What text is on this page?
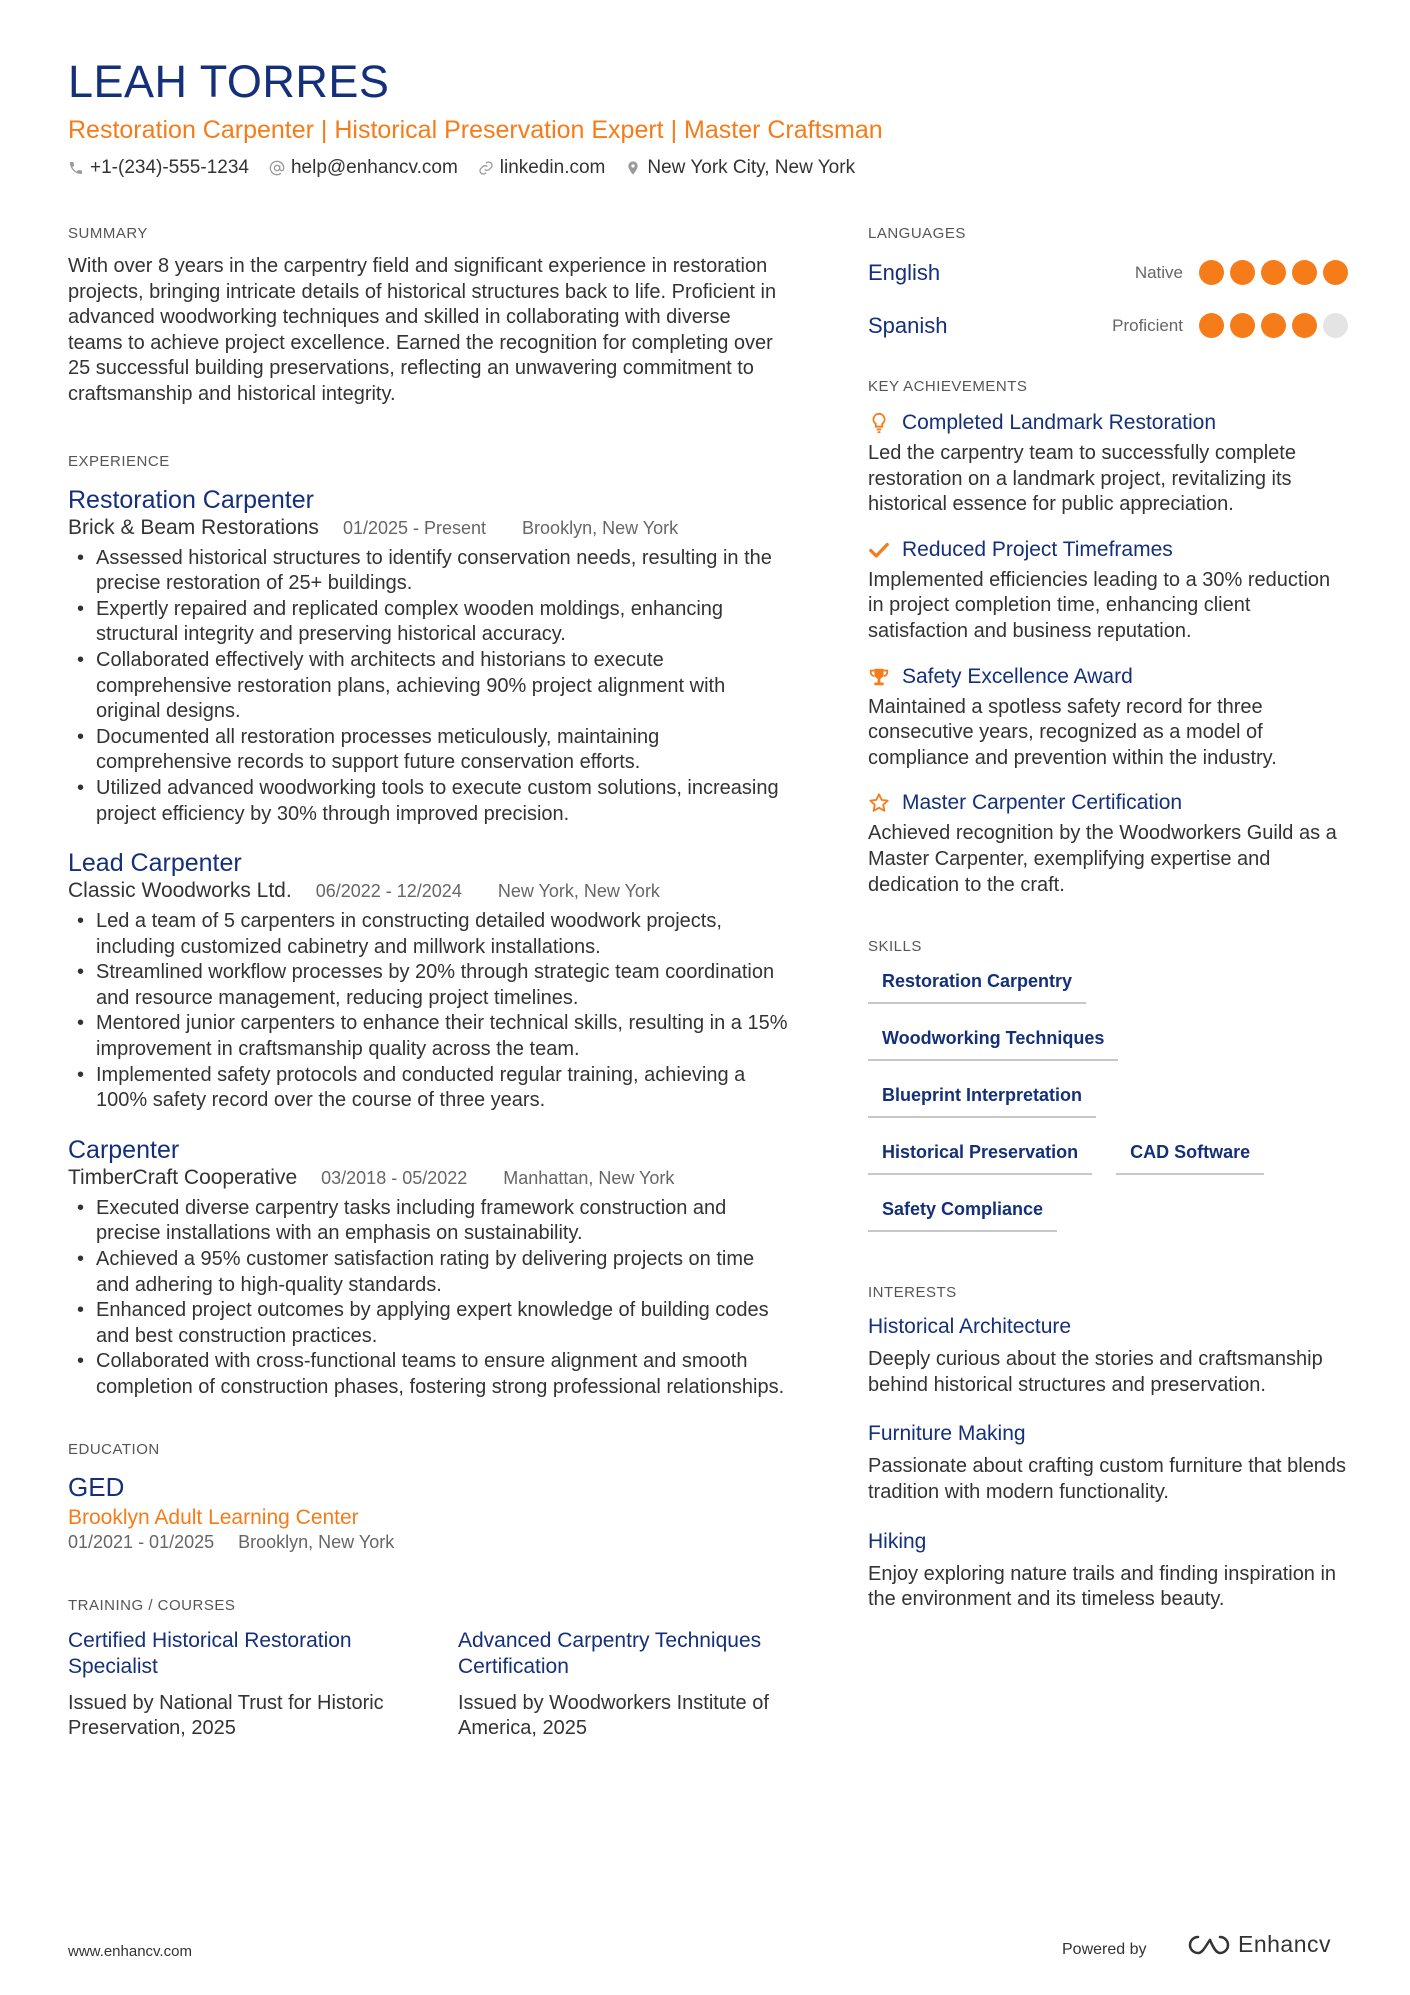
LEAH TORRES
Restoration Carpenter | Historical Preservation Expert | Master Craftsman
+1-(234)-555-1234 help@enhancv.com linkedin.com New York City, New York
SUMMARY

With over 8 years in the carpentry field and significant experience in restoration projects, bringing intricate details of historical structures back to life. Proficient in advanced woodworking techniques and skilled in collaborating with diverse teams to achieve project excellence. Earned the recognition for completing over 25 successful building preservations, reflecting an unwavering commitment to craftsmanship and historical integrity.

EXPERIENCE
Restoration Carpenter
Brick & Beam Restorations 01/2025 - Present Brooklyn, New York
• Assessed historical structures to identify conservation needs, resulting in the precise restoration of 25+ buildings.
• Expertly repaired and replicated complex wooden moldings, enhancing structural integrity and preserving historical accuracy.
• Collaborated effectively with architects and historians to execute comprehensive restoration plans, achieving 90% project alignment with original designs.
• Documented all restoration processes meticulously, maintaining comprehensive records to support future conservation efforts.
• Utilized advanced woodworking tools to execute custom solutions, increasing project efficiency by 30% through improved precision.
Lead Carpenter
Classic Woodworks Ltd. 06/2022 - 12/2024 New York, New York
• Led a team of 5 carpenters in constructing detailed woodwork projects, including customized cabinetry and millwork installations.
• Streamlined workflow processes by 20% through strategic team coordination and resource management, reducing project timelines.
• Mentored junior carpenters to enhance their technical skills, resulting in a 15% improvement in craftsmanship quality across the team.
• Implemented safety protocols and conducted regular training, achieving a 100% safety record over the course of three years.
Carpenter
TimberCraft Cooperative 03/2018 - 05/2022 Manhattan, New York
• Executed diverse carpentry tasks including framework construction and precise installations with an emphasis on sustainability.
• Achieved a 95% customer satisfaction rating by delivering projects on time and adhering to high-quality standards.
• Enhanced project outcomes by applying expert knowledge of building codes and best construction practices.
• Collaborated with cross-functional teams to ensure alignment and smooth completion of construction phases, fostering strong professional relationships.
EDUCATION
GED
Brooklyn Adult Learning Center
01/2021 - 01/2025 Brooklyn, New York
TRAINING / COURSES
Certified Historical Restoration Specialist

Issued by National Trust for Historic Preservation, 2025

Advanced Carpentry Techniques Certification

Issued by Woodworkers Institute of America, 2025

LANGUAGES
English	Native
Spanish	Proficient
KEY ACHIEVEMENTS
Completed Landmark Restoration

Led the carpentry team to successfully complete restoration on a landmark project, revitalizing its historical essence for public appreciation.

Reduced Project Timeframes

Implemented efficiencies leading to a 30% reduction in project completion time, enhancing client satisfaction and business reputation.

Safety Excellence Award

Maintained a spotless safety record for three consecutive years, recognized as a model of compliance and prevention within the industry.

Master Carpenter Certification

Achieved recognition by the Woodworkers Guild as a Master Carpenter, exemplifying expertise and dedication to the craft.

SKILLS
Restoration Carpentry
Woodworking Techniques
Blueprint Interpretation
Historical Preservation	CAD Software
Safety Compliance
INTERESTS
Historical Architecture

Deeply curious about the stories and craftsmanship behind historical structures and preservation.

Furniture Making

Passionate about crafting custom furniture that blends tradition with modern functionality.

Hiking

Enjoy exploring nature trails and finding inspiration in the environment and its timeless beauty.

www.enhancv.com	Powered by	Enhancv
